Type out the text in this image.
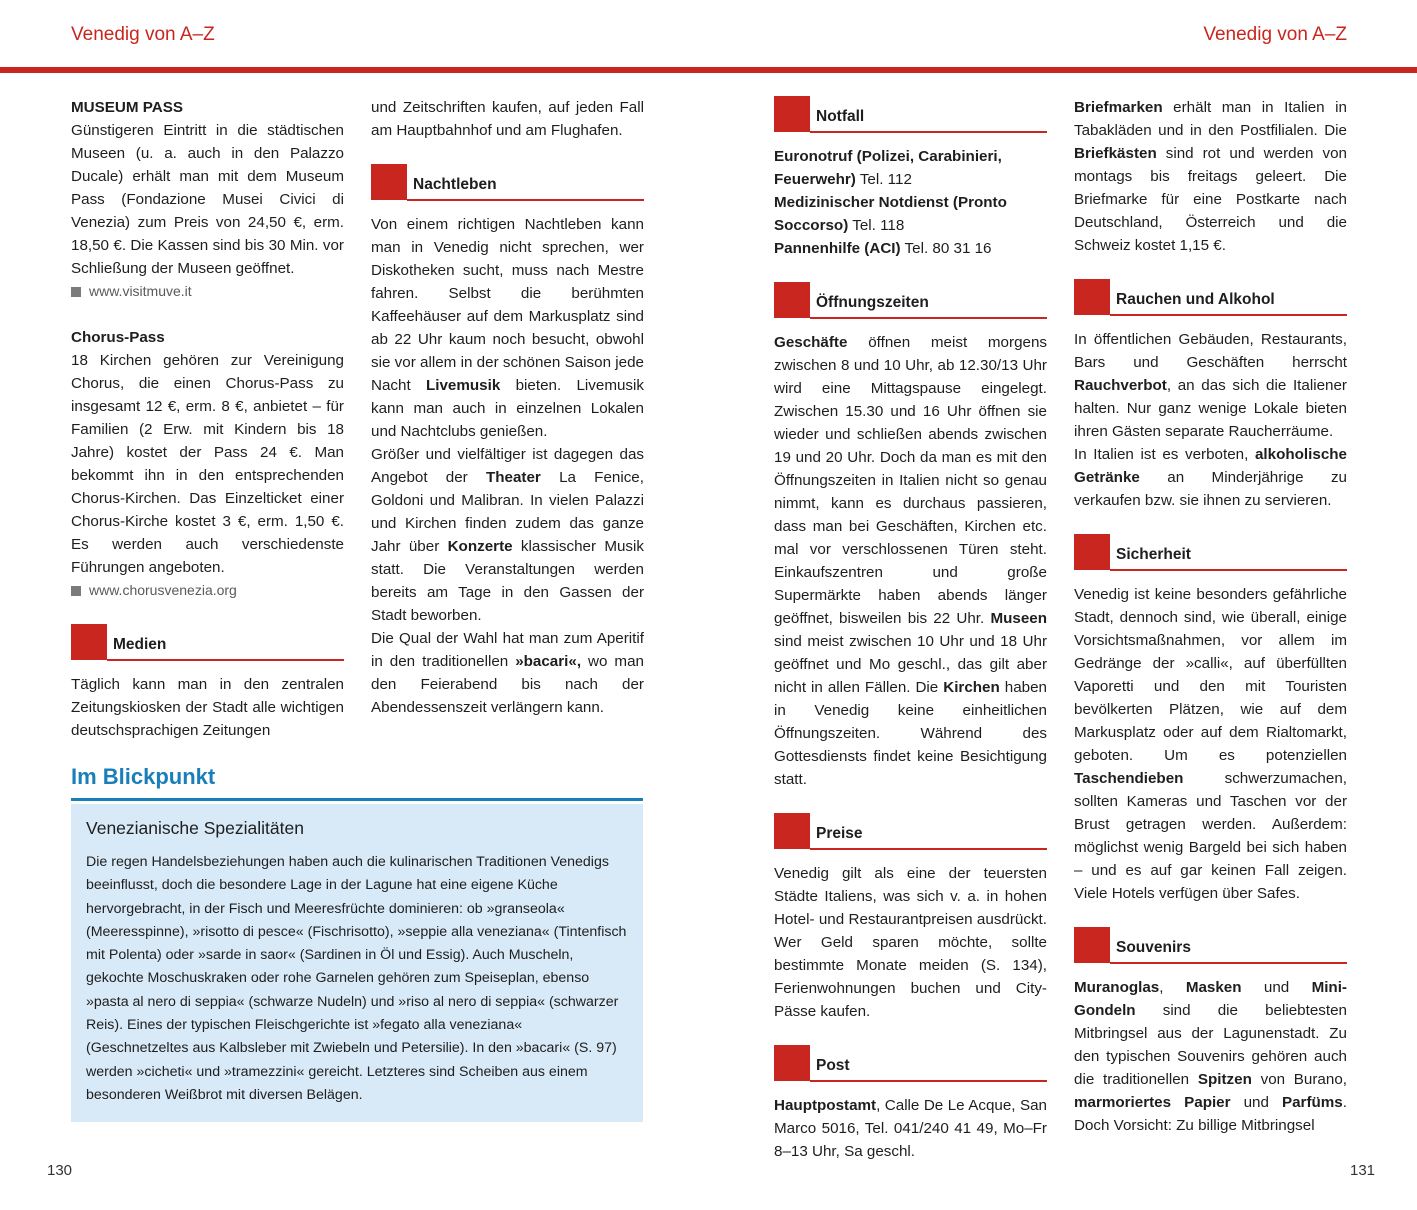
Venedig von A–Z	Venedig von A–Z

MUSEUM PASS

Günstigeren Eintritt in die städtischen Museen (u. a. auch in den Palazzo Ducale) erhält man mit dem Museum Pass (Fondazione Musei Civici di Venezia) zum Preis von 24,50 €, erm. 18,50 €. Die Kassen sind bis 30 Min. vor Schließung der Museen geöffnet.

www.visitmuve.it

Chorus-Pass

18 Kirchen gehören zur Vereinigung Chorus, die einen Chorus-Pass zu insgesamt 12 €, erm. 8 €, anbietet – für Familien (2 Erw. mit Kindern bis 18 Jahre) kostet der Pass 24 €. Man bekommt ihn in den entsprechenden Chorus-Kirchen. Das Einzelticket einer Chorus-Kirche kostet 3 €, erm. 1,50 €. Es werden auch verschiedenste Führungen angeboten.

www.chorusvenezia.org
Medien

Täglich kann man in den zentralen Zeitungskiosken der Stadt alle wichtigen deutschsprachigen Zeitungen

und Zeitschriften kaufen, auf jeden Fall am Hauptbahnhof und am Flughafen.

Nachtleben

Von einem richtigen Nachtleben kann man in Venedig nicht sprechen, wer Diskotheken sucht, muss nach Mestre fahren. Selbst die berühmten Kaffeehäuser auf dem Markusplatz sind ab 22 Uhr kaum noch besucht, obwohl sie vor allem in der schönen Saison jede Nacht Livemusik bieten. Livemusik kann man auch in einzelnen Lokalen und Nachtclubs genießen.

Größer und vielfältiger ist dagegen das Angebot der Theater La Fenice, Goldoni und Malibran. In vielen Palazzi und Kirchen finden zudem das ganze Jahr über Konzerte klassischer Musik statt. Die Veranstaltungen werden bereits am Tage in den Gassen der Stadt beworben.

Die Qual der Wahl hat man zum Aperitif in den traditionellen »bacari«, wo man den Feierabend bis nach der Abendessenszeit verlängern kann.

Im Blickpunkt
Venezianische Spezialitäten

Die regen Handelsbeziehungen haben auch die kulinarischen Traditionen Venedigs beeinflusst, doch die besondere Lage in der Lagune hat eine eigene Küche hervorgebracht, in der Fisch und Meeresfrüchte dominieren: ob »granseola« (Meeresspinne), »risotto di pesce« (Fischrisotto), »seppie alla veneziana« (Tintenfisch mit Polenta) oder »sarde in saor« (Sardinen in Öl und Essig). Auch Muscheln, gekochte Moschuskraken oder rohe Garnelen gehören zum Speiseplan, ebenso »pasta al nero di seppia« (schwarze Nudeln) und »riso al nero di seppia« (schwarzer Reis). Eines der typischen Fleischgerichte ist »fegato alla veneziana« (Geschnetzeltes aus Kalbsleber mit Zwiebeln und Petersilie). In den »bacari« (S. 97) werden »cicheti« und »tramezzini« gereicht. Letzteres sind Scheiben aus einem besonderen Weißbrot mit diversen Belägen.

Notfall

Euronotruf (Polizei, Carabinieri, Feuerwehr) Tel. 112

Medizinischer Notdienst (Pronto Soccorso) Tel. 118

Pannenhilfe (ACI) Tel. 80 31 16

Öffnungszeiten

Geschäfte öffnen meist morgens zwischen 8 und 10 Uhr, ab 12.30/13 Uhr wird eine Mittagspause eingelegt. Zwischen 15.30 und 16 Uhr öffnen sie wieder und schließen abends zwischen 19 und 20 Uhr. Doch da man es mit den Öffnungszeiten in Italien nicht so genau nimmt, kann es durchaus passieren, dass man bei Geschäften, Kirchen etc. mal vor verschlossenen Türen steht. Einkaufszentren und große Supermärkte haben abends länger geöffnet, bisweilen bis 22 Uhr. Museen sind meist zwischen 10 Uhr und 18 Uhr geöffnet und Mo geschl., das gilt aber nicht in allen Fällen. Die Kirchen haben in Venedig keine einheitlichen Öffnungszeiten. Während des Gottesdiensts findet keine Besichtigung statt.

Preise

Venedig gilt als eine der teuersten Städte Italiens, was sich v. a. in hohen Hotel- und Restaurantpreisen ausdrückt. Wer Geld sparen möchte, sollte bestimmte Monate meiden (S. 134), Ferienwohnungen buchen und City-Pässe kaufen.

Post

Hauptpostamt, Calle De Le Acque, San Marco 5016, Tel. 041/240 41 49, Mo–Fr 8–13 Uhr, Sa geschl.

Briefmarken erhält man in Italien in Tabakläden und in den Postfilialen. Die Briefkästen sind rot und werden von montags bis freitags geleert. Die Briefmarke für eine Postkarte nach Deutschland, Österreich und die Schweiz kostet 1,15 €.

Rauchen und Alkohol

In öffentlichen Gebäuden, Restaurants, Bars und Geschäften herrscht Rauchverbot, an das sich die Italiener halten. Nur ganz wenige Lokale bieten ihren Gästen separate Raucherräume.

In Italien ist es verboten, alkoholische Getränke an Minderjährige zu verkaufen bzw. sie ihnen zu servieren.

Sicherheit

Venedig ist keine besonders gefährliche Stadt, dennoch sind, wie überall, einige Vorsichtsmaßnahmen, vor allem im Gedränge der »calli«, auf überfüllten Vaporetti und den mit Touristen bevölkerten Plätzen, wie auf dem Markusplatz oder auf dem Rialtomarkt, geboten. Um es potenziellen Taschendieben	schwerzumachen, sollten Kameras und Taschen vor der Brust getragen werden. Außerdem: möglichst wenig Bargeld bei sich haben – und es auf gar keinen Fall zeigen. Viele Hotels verfügen über Safes.

Souvenirs

Muranoglas, Masken und Mini-Gondeln sind die beliebtesten Mitbringsel aus der Lagunenstadt. Zu den typischen Souvenirs gehören auch die traditionellen Spitzen von Burano, marmoriertes Papier und Parfüms. Doch Vorsicht: Zu billige Mitbringsel

130	131
